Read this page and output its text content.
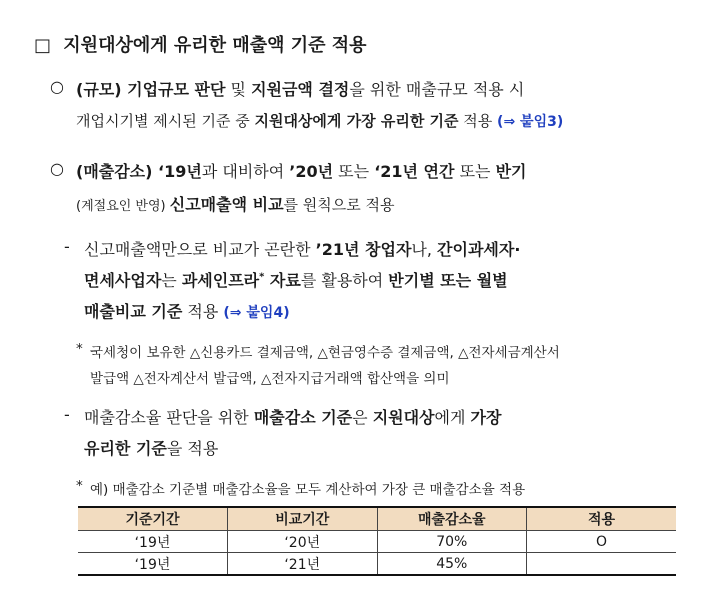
□ 지원대상에게 유리한 매출액 기준 적용
○ (규모) 기업규모 판단 및 지원금액 결정을 위한 매출규모 적용 시
개업시기별 제시된 기준 중 지원대상에게 가장 유리한 기준 적용 (⇒ 붙임3)
○ (매출감소) ‘19년과 대비하여 ’20년 또는 ‘21년 연간 또는 반기
(계절요인 반영) 신고매출액 비교를 원칙으로 적용
- 신고매출액만으로 비교가 곤란한 ’21년 창업자나, 간이과세자·
면세사업자는 과세인프라* 자료를 활용하여 반기별 또는 월별
매출비교 기준 적용 (⇒ 붙임4)
* 국세청이 보유한 △신용카드 결제금액, △현금영수증 결제금액, △전자세금계산서
발급액 △전자계산서 발급액, △전자지급거래액 합산액을 의미
- 매출감소율 판단을 위한 매출감소 기준은 지원대상에게 가장
유리한 기준을 적용
* 예) 매출감소 기준별 매출감소율을 모두 계산하여 가장 큰 매출감소율 적용
기준기간	비교기간	매출감소율	적용
‘19년	‘20년	70%	O
‘19년	‘21년	45%	
